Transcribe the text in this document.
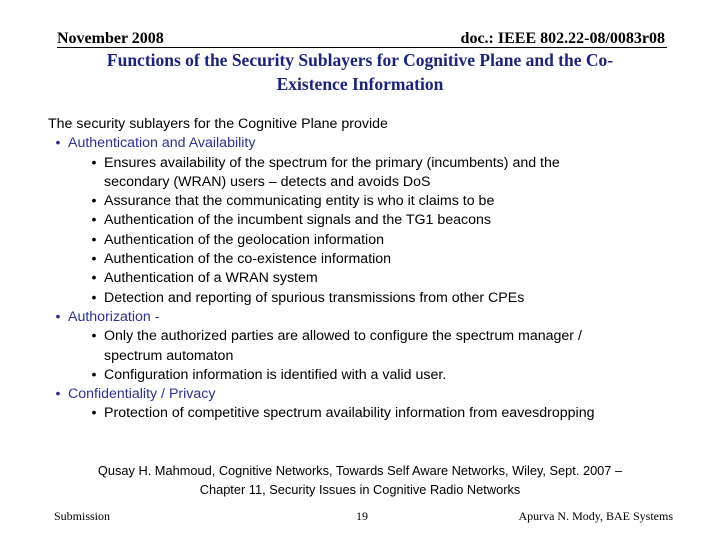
November 2008	doc.: IEEE 802.22-08/0083r08
Functions of the Security Sublayers for Cognitive Plane and the Co-
Existence Information
The security sublayers for the Cognitive Plane provide
• Authentication and Availability
• Ensures availability of the spectrum for the primary (incumbents) and the
secondary (WRAN) users – detects and avoids DoS
• Assurance that the communicating entity is who it claims to be
• Authentication of the incumbent signals and the TG1 beacons
• Authentication of the geolocation information
• Authentication of the co-existence information
• Authentication of a WRAN system
• Detection and reporting of spurious transmissions from other CPEs
• Authorization -
• Only the authorized parties are allowed to configure the spectrum manager /
spectrum automaton
• Configuration information is identified with a valid user.
• Confidentiality / Privacy
• Protection of competitive spectrum availability information from eavesdropping
Qusay H. Mahmoud, Cognitive Networks, Towards Self Aware Networks, Wiley, Sept. 2007 –
Chapter 11, Security Issues in Cognitive Radio Networks
Submission	19	Apurva N. Mody, BAE Systems
